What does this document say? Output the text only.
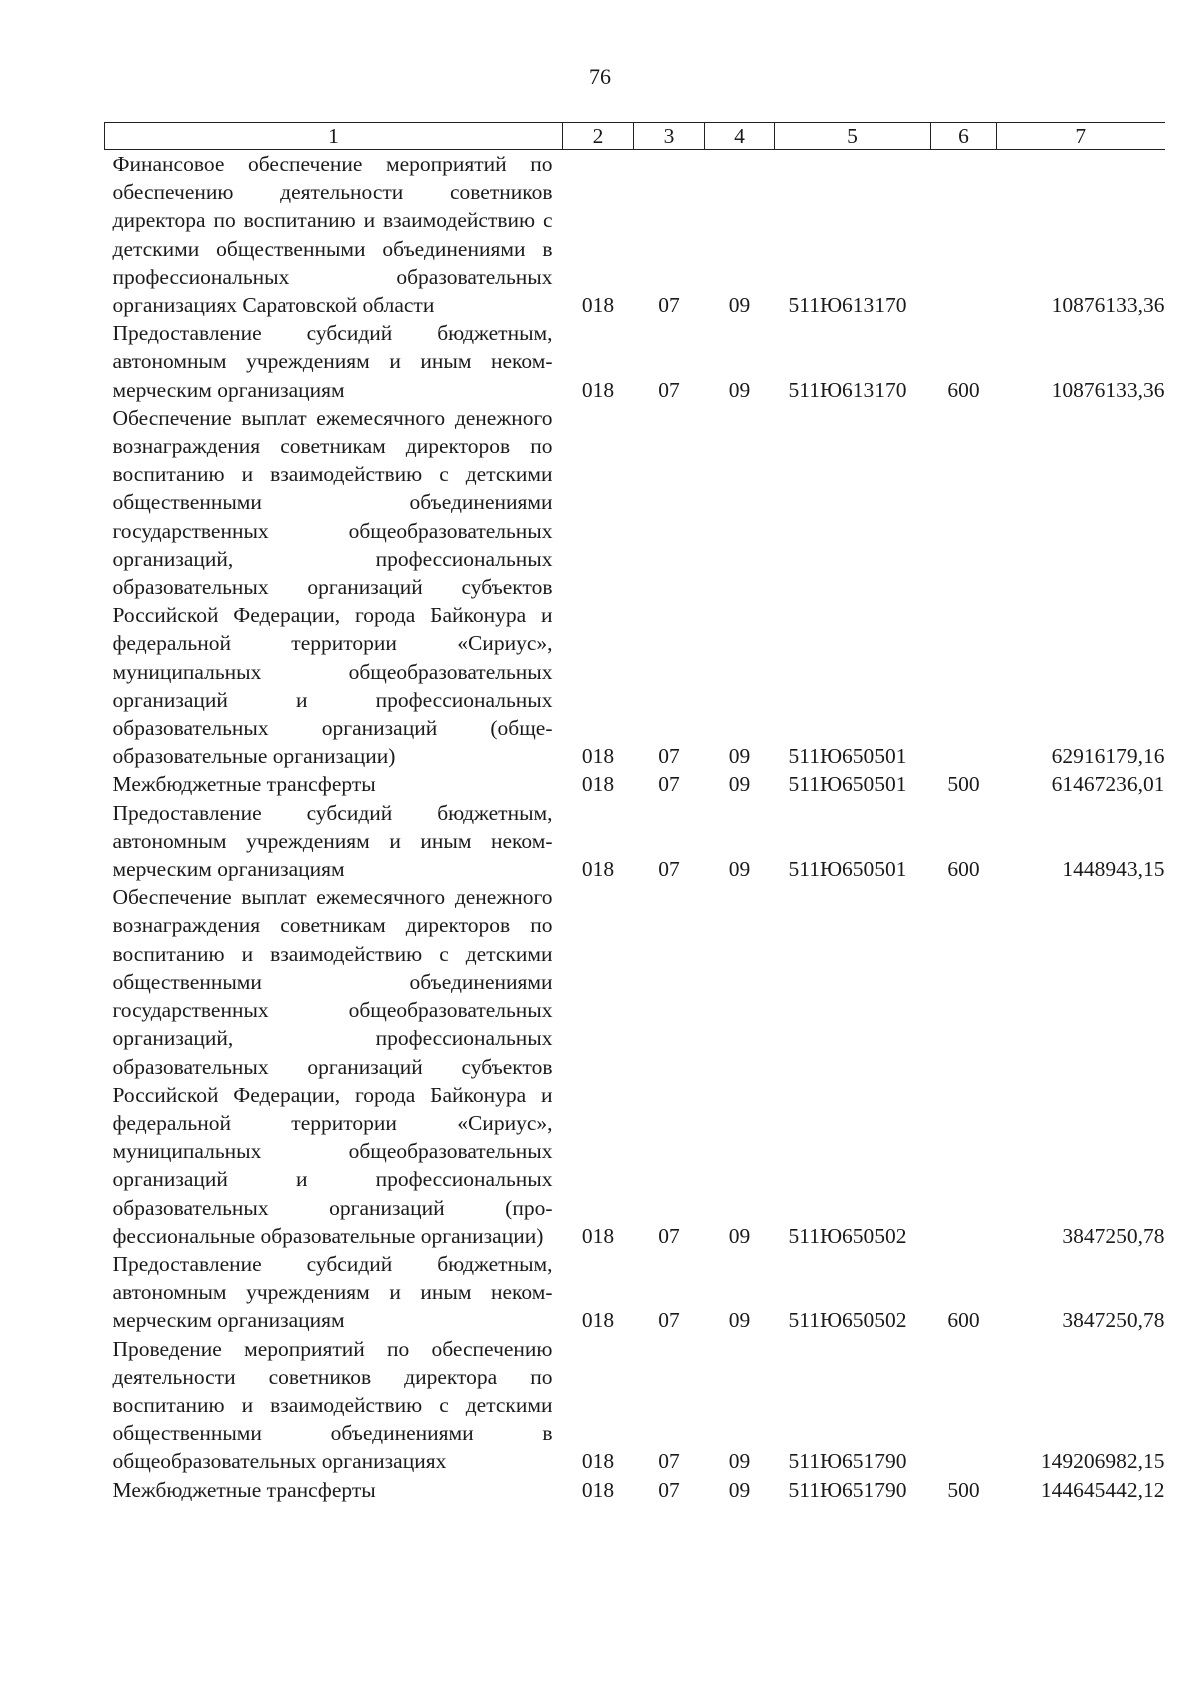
76
1	2	3	4	5	6	7
Финансовое обеспечение мероприятий по обеспечению деятельности советников директора по воспитанию и взаимодействию с детскими общественными объединениями в профессиональных образовательных организациях Саратовской области	018	07	09	511Ю613170		10876133,36
Предоставление субсидий бюджетным, автономным учреждениям и иным некоммерческим организациям	018	07	09	511Ю613170	600	10876133,36
Обеспечение выплат ежемесячного денежного вознаграждения советникам директоров по воспитанию и взаимодействию с детскими общественными объединениями государственных общеобразовательных организаций, профессиональных образовательных организаций субъектов Российской Федерации, города Байконура и федеральной территории «Сириус», муниципальных общеобразовательных организаций и профессиональных образовательных организаций (общеобразовательные организации)	018	07	09	511Ю650501		62916179,16
Межбюджетные трансферты	018	07	09	511Ю650501	500	61467236,01
Предоставление субсидий бюджетным, автономным учреждениям и иным некоммерческим организациям	018	07	09	511Ю650501	600	1448943,15
Обеспечение выплат ежемесячного денежного вознаграждения советникам директоров по воспитанию и взаимодействию с детскими общественными объединениями государственных общеобразовательных организаций, профессиональных образовательных организаций субъектов Российской Федерации, города Байконура и федеральной территории «Сириус», муниципальных общеобразовательных организаций и профессиональных образовательных организаций (профессиональные образовательные организации)	018	07	09	511Ю650502		3847250,78
Предоставление субсидий бюджетным, автономным учреждениям и иным некоммерческим организациям	018	07	09	511Ю650502	600	3847250,78
Проведение мероприятий по обеспечению деятельности советников директора по воспитанию и взаимодействию с детскими общественными объединениями в общеобразовательных организациях	018	07	09	511Ю651790		149206982,15
Межбюджетные трансферты	018	07	09	511Ю651790	500	144645442,12
